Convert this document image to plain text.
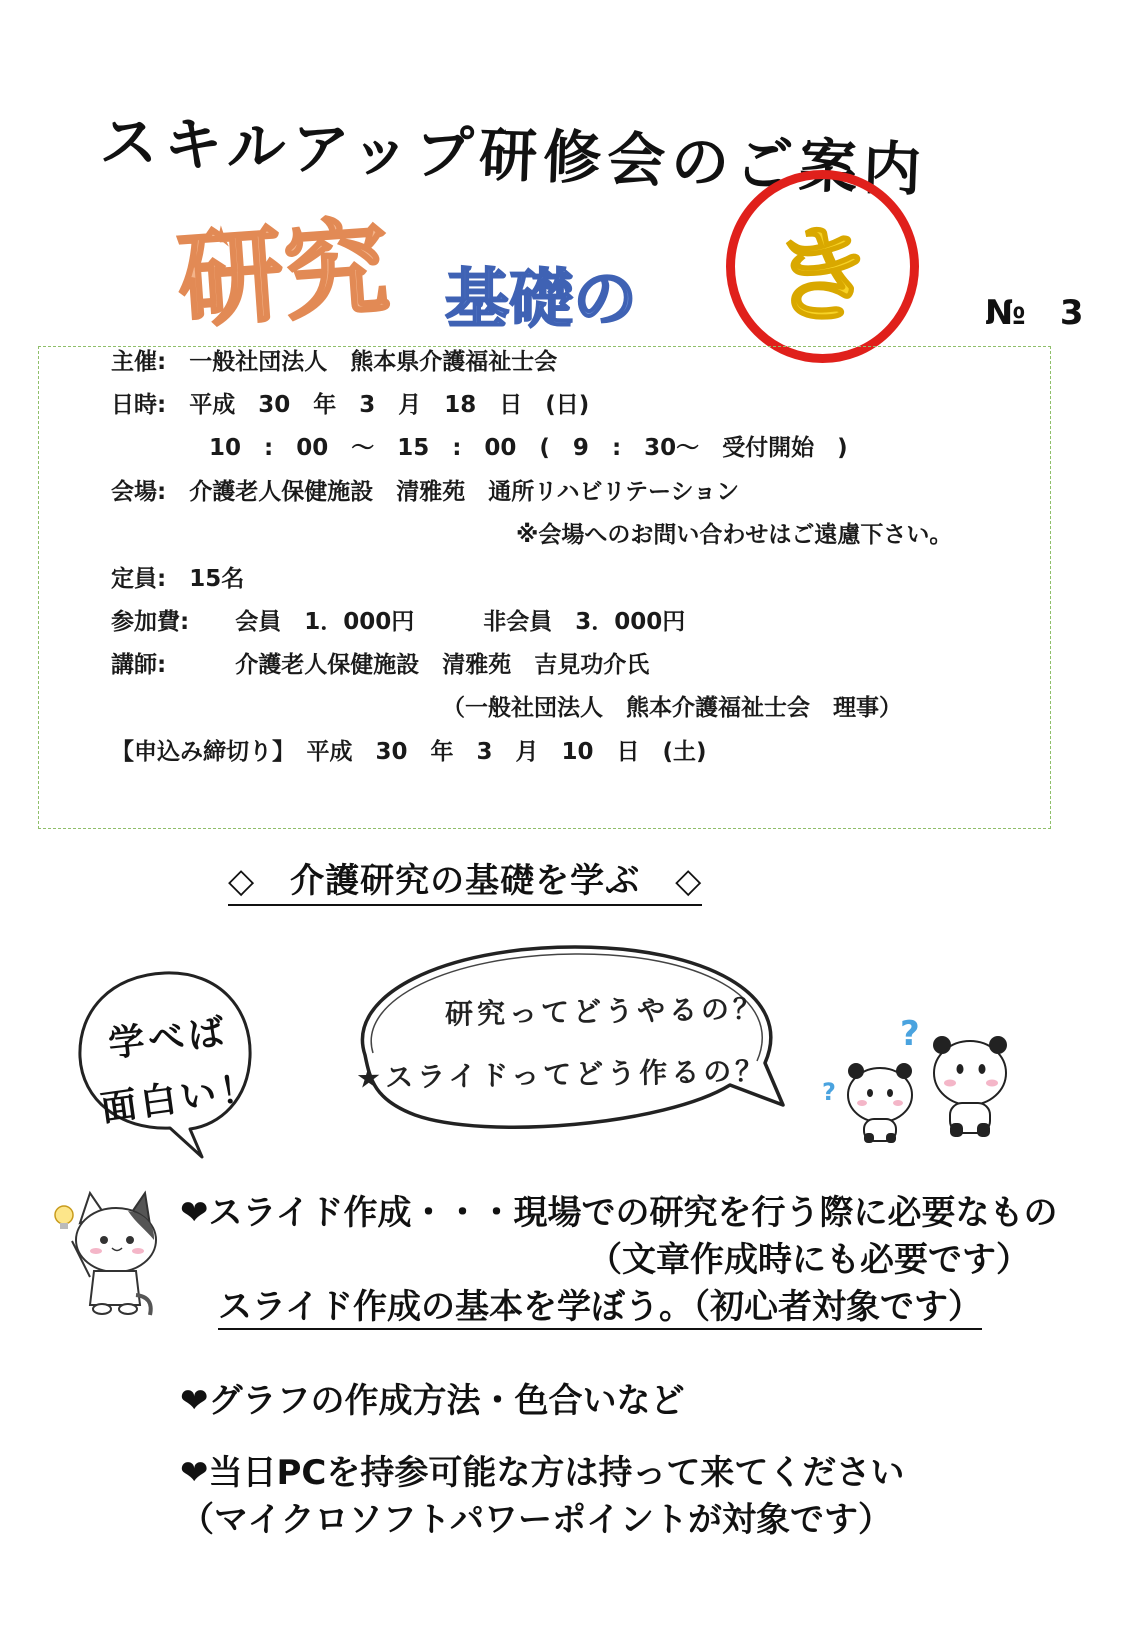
スキルアップ研修会のご案内
研究 基礎の	き	№　3
主催:　一般社団法人　熊本県介護福祉士会
日時:　平成　30　年　3　月　18　日　(日)
10　:　00　～　15　:　00　(　9　:　30～　受付開始　)
会場:　介護老人保健施設　清雅苑　通所リハビリテーション
※会場へのお問い合わせはご遠慮下さい。
定員:　15名
参加費:　　会員　1．000円　　　非会員　3．000円
講師:　　　介護老人保健施設　清雅苑　吉見功介氏
（一般社団法人　熊本介護福祉士会　理事）
【申込み締切り】　平成　30　年　3　月　10　日　(土)
◇　介護研究の基礎を学ぶ　◇
学べば
面白い！
研究ってどうやるの？
★スライドってどう作るの？
?
?
❤スライド作成・・・現場での研究を行う際に必要なもの
（文章作成時にも必要です）
スライド作成の基本を学ぼう。（初心者対象です）
❤グラフの作成方法・色合いなど
❤当日PCを持参可能な方は持って来てください
（マイクロソフトパワーポイントが対象です）
